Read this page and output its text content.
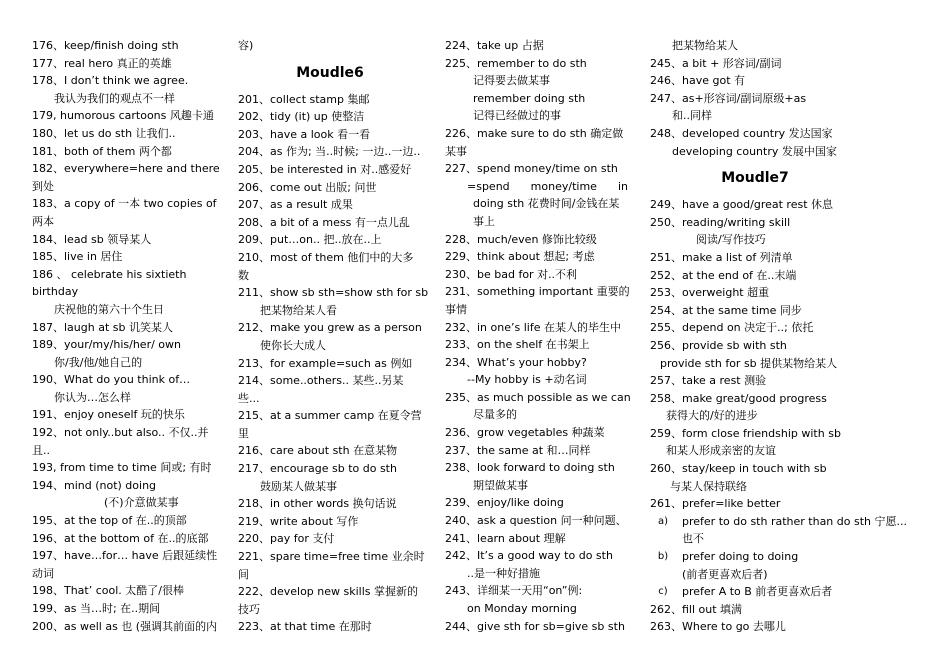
176、keep/finish doing sth
177、real hero 真正的英雄
178、I don’t think we agree.
我认为我们的观点不一样
179, humorous cartoons 风趣卡通
180、let us do sth 让我们..
181、both of them 两个都
182、everywhere=here and there
到处
183、a copy of 一本 two copies of
两本
184、lead sb 领导某人
185、live in 居住
186 、 celebrate his sixtieth
birthday
庆祝他的第六十个生日
187、laugh at sb 讥笑某人
189、your/my/his/her/ own
你/我/他/她自己的
190、What do you think of…
你认为…怎么样
191、enjoy oneself 玩的快乐
192、not only..but also.. 不仅..并
且..
193, from time to time 间或; 有时
194、mind (not) doing
(不)介意做某事
195、at the top of 在..的顶部
196、at the bottom of 在..的底部
197、have…for… have 后跟延续性
动词
198、That’ cool. 太酷了/很棒
199、as 当…时; 在..期间
200、as well as 也 (强调其前面的内
容)
Moudle6
201、collect stamp 集邮
202、tidy (it) up 使整洁
203、have a look 看一看
204、as 作为; 当..时候; 一边..一边..
205、be interested in 对..感爱好
206、come out 出版; 问世
207、as a result 成果
208、a bit of a mess 有一点儿乱
209、put…on.. 把..放在..上
210、most of them 他们中的大多
数
211、show sb sth=show sth for sb
把某物给某人看
212、make you grew as a person
使你长大成人
213、for example=such as 例如
214、some..others.. 某些..另某
些...
215、at a summer camp 在夏令营
里
216、care about sth 在意某物
217、encourage sb to do sth
鼓励某人做某事
218、in other words 换句话说
219、write about 写作
220、pay for 支付
221、spare time=free time 业余时
间
222、develop new skills 掌握新的
技巧
223、at that time 在那时
224、take up 占据
225、remember to do sth
记得要去做某事
remember doing sth
记得已经做过的事
226、make sure to do sth 确定做
某事
227、spend money/time on sth
=spend money/time in
doing sth 花费时间/金钱在某
事上
228、much/even 修饰比较级
229、think about 想起; 考虑
230、be bad for 对..不利
231、something important 重要的
事情
232、in one’s life 在某人的毕生中
233、on the shelf 在书架上
234、What’s your hobby?
--My hobby is +动名词
235、as much possible as we can
尽量多的
236、grow vegetables 种蔬菜
237、the same at 和…同样
238、look forward to doing sth
期望做某事
239、enjoy/like doing
240、ask a question 问一种问题、
241、learn about 理解
242、It’s a good way to do sth
..是一种好措施
243、详细某一天用“on”例:
on Monday morning
244、give sth for sb=give sb sth
把某物给某人
245、a bit + 形容词/副词
246、have got 有
247、as+形容词/副词原级+as
和..同样
248、developed country 发达国家
developing country 发展中国家
Moudle7
249、have a good/great rest 休息
250、reading/writing skill
阅读/写作技巧
251、make a list of 列清单
252、at the end of 在..末端
253、overweight 超重
254、at the same time 同步
255、depend on 决定于..; 依托
256、provide sb with sth
provide sth for sb 提供某物给某人
257、take a rest 测验
258、make great/good progress
获得大的/好的进步
259、form close friendship with sb
和某人形成亲密的友谊
260、stay/keep in touch with sb
与某人保持联络
261、prefer=like better
a)	prefer to do sth rather than do sth 宁愿...
也不
b)	prefer doing to doing
(前者更喜欢后者)
c)	prefer A to B 前者更喜欢后者
262、fill out 填满
263、Where to go 去哪儿
